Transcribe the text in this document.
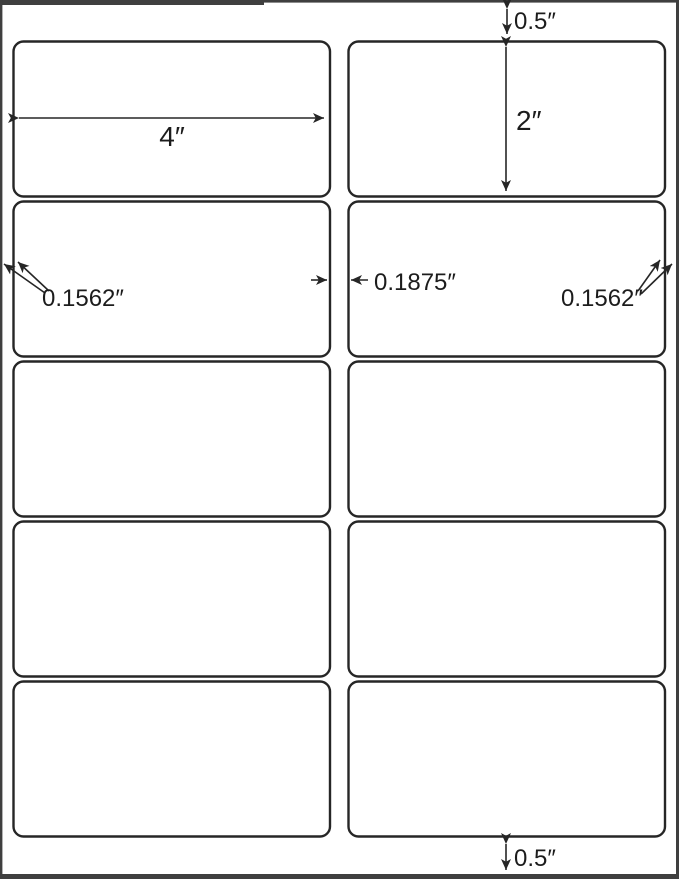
0.5″
4″
2″
0.1562″
0.1875″
0.1562″
0.5″
